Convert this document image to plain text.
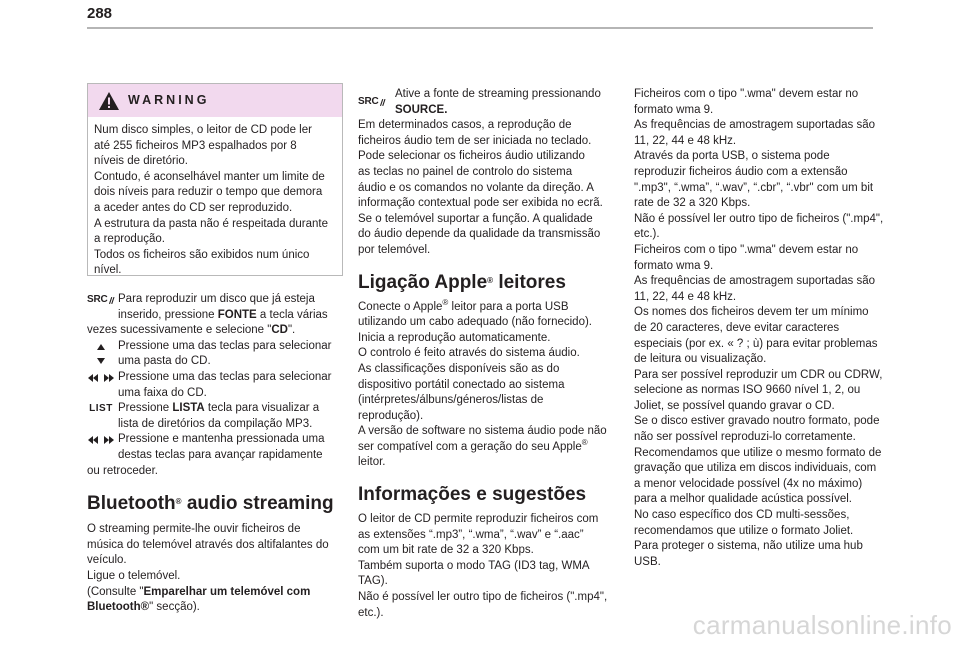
288
WARNING

Num disco simples, o leitor de CD pode ler

até 255 ficheiros MP3 espalhados por 8

níveis de diretório.

Contudo, é aconselhável manter um limite de

dois níveis para reduzir o tempo que demora

a aceder antes do CD ser reproduzido.

A estrutura da pasta não é respeitada durante

a reprodução.

Todos os ficheiros são exibidos num único

nível.

SRC Para reproduzir um disco que já esteja
inserido, pressione FONTE a tecla várias
vezes sucessivamente e selecione "CD".
Pressione uma das teclas para selecionar
uma pasta do CD.
Pressione uma das teclas para selecionar
uma faixa do CD.
LIST Pressione LISTA tecla para visualizar a
lista de diretórios da compilação MP3.
Pressione e mantenha pressionada uma
destas teclas para avançar rapidamente
ou retroceder.
Bluetooth® audio streaming
O streaming permite-lhe ouvir ficheiros de
música do telemóvel através dos altifalantes do
veículo.
Ligue o telemóvel.
(Consulte "Emparelhar um telemóvel com
Bluetooth®" secção).
SRC
Ative a fonte de streaming pressionando
SOURCE.
Em determinados casos, a reprodução de
ficheiros áudio tem de ser iniciada no teclado.
Pode selecionar os ficheiros áudio utilizando
as teclas no painel de controlo do sistema
áudio e os comandos no volante da direção. A
informação contextual pode ser exibida no ecrã.
Se o telemóvel suportar a função. A qualidade
do áudio depende da qualidade da transmissão
por telemóvel.
Ligação Apple® leitores
Conecte o Apple® leitor para a porta USB
utilizando um cabo adequado (não fornecido).
Inicia a reprodução automaticamente.
O controlo é feito através do sistema áudio.
As classificações disponíveis são as do
dispositivo portátil conectado ao sistema
(intérpretes/álbuns/géneros/listas de
reprodução).
A versão de software no sistema áudio pode não
ser compatível com a geração do seu Apple®
leitor.
Informações e sugestões
O leitor de CD permite reproduzir ficheiros com
as extensões “.mp3”, “.wma”, “.wav” e “.aac”
com um bit rate de 32 a 320 Kbps.
Também suporta o modo TAG (ID3 tag, WMA
TAG).
Não é possível ler outro tipo de ficheiros (".mp4",
etc.).
Ficheiros com o tipo ".wma" devem estar no
formato wma 9.
As frequências de amostragem suportadas são
11, 22, 44 e 48 kHz.
Através da porta USB, o sistema pode
reproduzir ficheiros áudio com a extensão
".mp3", “.wma”, “.wav”, “.cbr”, “.vbr" com um bit
rate de 32 a 320 Kbps.
Não é possível ler outro tipo de ficheiros (".mp4",
etc.).
Ficheiros com o tipo ".wma" devem estar no
formato wma 9.
As frequências de amostragem suportadas são
11, 22, 44 e 48 kHz.
Os nomes dos ficheiros devem ter um mínimo
de 20 caracteres, deve evitar caracteres
especiais (por ex. « ? ; ù) para evitar problemas
de leitura ou visualização.
Para ser possível reproduzir um CDR ou CDRW,
selecione as normas ISO 9660 nível 1, 2, ou
Joliet, se possível quando gravar o CD.
Se o disco estiver gravado noutro formato, pode
não ser possível reproduzi-lo corretamente.
Recomendamos que utilize o mesmo formato de
gravação que utiliza em discos individuais, com
a menor velocidade possível (4x no máximo)
para a melhor qualidade acústica possível.
No caso específico dos CD multi-sessões,
recomendamos que utilize o formato Joliet.
Para proteger o sistema, não utilize uma hub
USB.
carmanualsonline.info
